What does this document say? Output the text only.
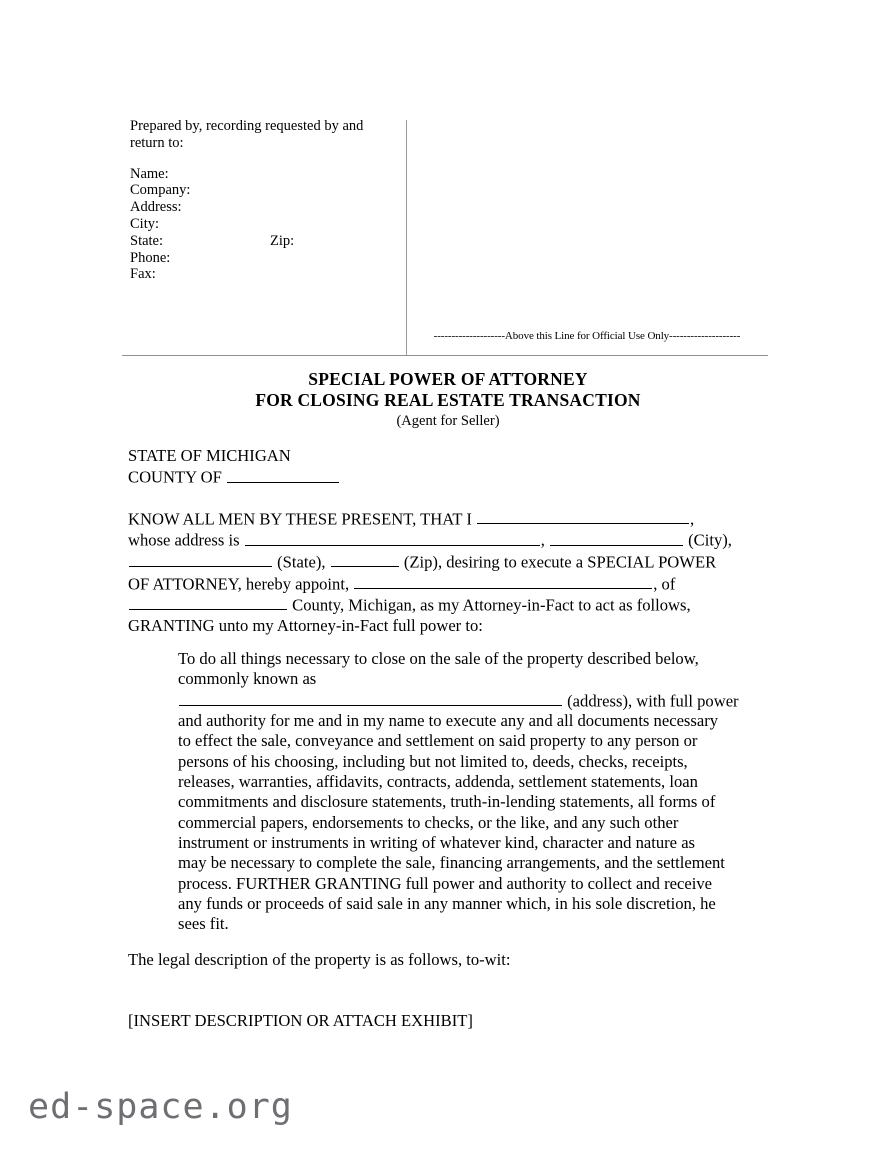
Prepared by, recording requested by and
return to:
Name:
Company:
Address:
City:
State:	Zip:
Phone:
Fax:
--------------------Above this Line for Official Use Only--------------------
SPECIAL POWER OF ATTORNEY
FOR CLOSING REAL ESTATE TRANSACTION
(Agent for Seller)
STATE OF MICHIGAN
COUNTY OF
KNOW ALL MEN BY THESE PRESENT, THAT I	,
whose address is	,	(City),
(State),	(Zip), desiring to execute a SPECIAL POWER
OF ATTORNEY, hereby appoint,	, of
County, Michigan, as my Attorney-in-Fact to act as follows,
GRANTING unto my Attorney-in-Fact full power to:
To do all things necessary to close on the sale of the property described below,
commonly known as
(address), with full power
and authority for me and in my name to execute any and all documents necessary
to effect the sale, conveyance and settlement on said property to any person or
persons of his choosing, including but not limited to, deeds, checks, receipts,
releases, warranties, affidavits, contracts, addenda, settlement statements, loan
commitments and disclosure statements, truth-in-lending statements, all forms of
commercial papers, endorsements to checks, or the like, and any such other
instrument or instruments in writing of whatever kind, character and nature as
may be necessary to complete the sale, financing arrangements, and the settlement
process. FURTHER GRANTING full power and authority to collect and receive
any funds or proceeds of said sale in any manner which, in his sole discretion, he
sees fit.
The legal description of the property is as follows, to-wit:
[INSERT DESCRIPTION OR ATTACH EXHIBIT]
ed-space.org
